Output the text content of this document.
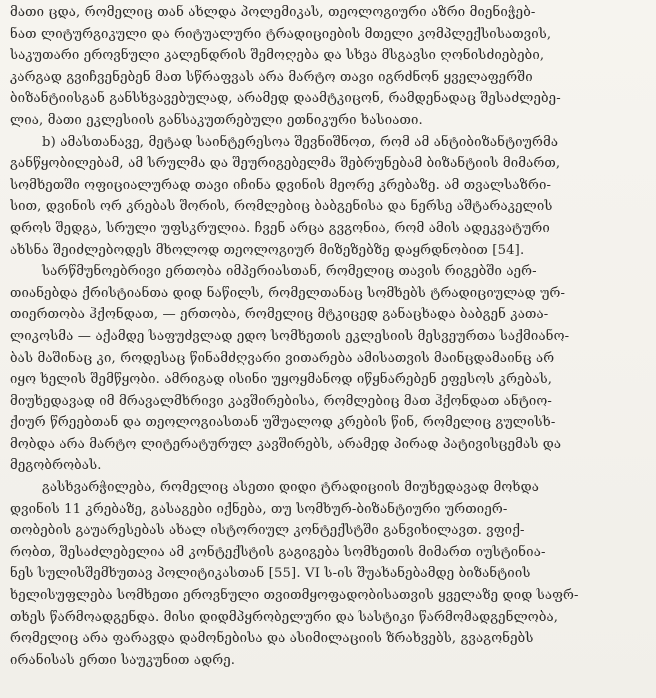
მათი ცდა, რომელიც თან ახლდა პოლემიკას, თეოლოგიური აზრი მიენიჭებ-
ნათ ლიტურგიკული და რიტუალური ტრადიციების მთელი კომპლექსისათვის,
საკუთარი ეროვნული კალენდრის შემოღება და სხვა მსგავსი ღონისძიებები,
კარგად გვიჩვენებენ მათ სწრაფვას არა მარტო თავი იგრძნონ ყველაფერში
ბიზანტიისგან განსხვავებულად, არამედ დაამტკიცონ, რამდენადაც შესაძლებე-
ლია, მათი ეკლესიის განსაკუთრებული ეთნიკური ხასიათი.
b) ამასთანავე, მეტად საინტერესოა შევნიშნოთ, რომ ამ ანტიბიზანტიურმა
განწყობილებამ, ამ სრულმა და შეურიგებელმა შებრუნებამ ბიზანტიის მიმართ,
სომხეთში ოფიციალურად თავი იჩინა დვინის მეორე კრებაზე. ამ თვალსაზრი-
სით, დვინის ორ კრებას შორის, რომლებიც ბაბგენისა და ნერსე აშტარაკელის
დროს შედგა, სრული უფსკრულია. ჩვენ არცა გვგონია, რომ ამის ადეკვატური
ახსნა შეიძლებოდეს მხოლოდ თეოლოგიურ მიზეზებზე დაყრდნობით [54].
სარწმუნოებრივი ერთობა იმპერიასთან, რომელიც თავის რიგებში აერ-
თიანებდა ქრისტიანთა დიდ ნაწილს, რომელთანაც სომხებს ტრადიციულად ურ-
თიერთობა ჰქონდათ, — ერთობა, რომელიც მტკიცედ განაცხადა ბაბგენ კათა-
ლიკოსმა — აქამდე საფუძვლად ედო სომხეთის ეკლესიის მესვეურთა საქმიანო-
ბას მაშინაც კი, როდესაც წინამძღვარი ვითარება ამისათვის მაინცდამაინც არ
იყო ხელის შემწყობი. ამრიგად ისინი უყოყმანოდ იწყნარებენ ეფესოს კრებას,
მიუხედავად იმ მრავალმხრივი კავშირებისა, რომლებიც მათ ჰქონდათ ანტიო-
ქიურ წრეებთან და თეოლოგიასთან უშუალოდ კრების წინ, რომელიც გულისხ-
მობდა არა მარტო ლიტერატურულ კავშირებს, არამედ პირად პატივისცემას და
მეგობრობას.
გასხვარჭილება, რომელიც ასეთი დიდი ტრადიციის მიუხედავად მოხდა
დვინის 11 კრებაზე, გასაგები იქნება, თუ სომხურ-ბიზანტიური ურთიერ-
თობების გაუარესებას ახალ ისტორიულ კონტექსტში განვიხილავთ. ვფიქ-
რობთ, შესაძლებელია ამ კონტექსტის გაგიგება სომხეთის მიმართ იუსტინია-
ნეს სულისშემხუთავ პოლიტიკასთან [55]. VI ს-ის შუახანებამდე ბიზანტიის
ხელისუფლება სომხეთი ეროვნული თვითმყოფადობისათვის ყველაზე დიდ საფრ-
თხეს წარმოადგენდა. მისი დიდმპყრობელური და სასტიკი წარმომადგენლობა,
რომელიც არა ფარავდა დამონებისა და ასიმილაციის ზრახვებს, გვაგონებს
ირანისას ერთი საუკუნით ადრე.
